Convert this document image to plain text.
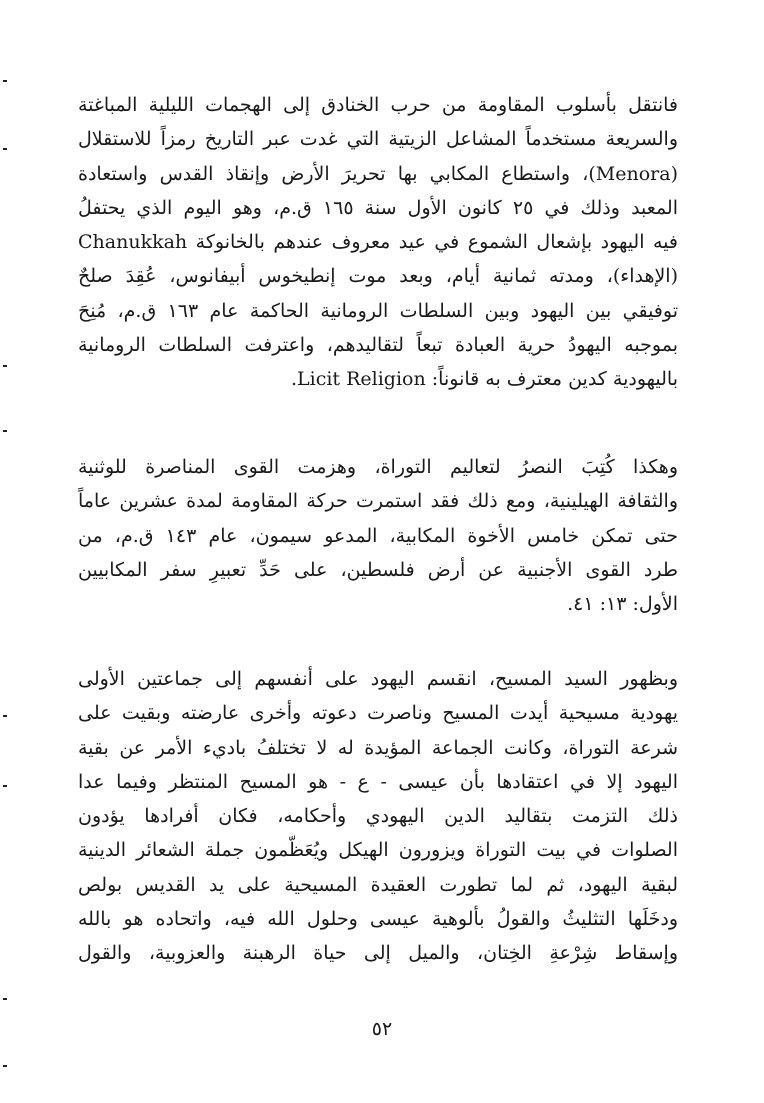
فانتقل بأسلوب المقاومة من حرب الخنادق إلى الهجمات الليلية المباغتة
والسريعة مستخدماً المشاعل الزيتية التي غدت عبر التاريخ رمزاً للاستقلال
(Menora)، واستطاع المكابي بها تحريرَ الأرض وإنقاذ القدس واستعادة
المعبد وذلك في ٢٥ كانون الأول سنة ١٦٥ ق.م، وهو اليوم الذي يحتفلُ
فيه اليهود بإشعال الشموع في عيد معروف عندهم بالخانوكة Chanukkah
(الإهداء)، ومدته ثمانية أيام، وبعد موت إنطيخوس أبيفانوس، عُقِدَ صلحٌ
توفيقي بين اليهود وبين السلطات الرومانية الحاكمة عام ١٦٣ ق.م، مُنِحَ
بموجبه اليهودُ حرية العبادة تبعاً لتقاليدهم، واعترفت السلطات الرومانية
باليهودية كدين معترف به قانوناً: Licit Religion.
وهكذا كُتِبَ النصرُ لتعاليم التوراة، وهزمت القوى المناصرة للوثنية
والثقافة الهيلينية، ومع ذلك فقد استمرت حركة المقاومة لمدة عشرين عاماً
حتى تمكن خامس الأخوة المكابية، المدعو سيمون، عام ١٤٣ ق.م، من
طرد القوى الأجنبية عن أرض فلسطين، على حَدِّ تعبيرِ سفر المكابيين
الأول: ١٣: ٤١.
وبظهور السيد المسيح، انقسم اليهود على أنفسهم إلى جماعتين الأولى
يهودية مسيحية أيدت المسيح وناصرت دعوته وأخرى عارضته وبقيت على
شرعة التوراة، وكانت الجماعة المؤيدة له لا تختلفُ باديء الأمر عن بقية
اليهود إلا في اعتقادها بأن عيسى - ع - هو المسيح المنتظر وفيما عدا
ذلك التزمت بتقاليد الدين اليهودي وأحكامه، فكان أفرادها يؤدون
الصلوات في بيت التوراة ويزورون الهيكل ويُعَظّمون جملة الشعائر الدينية
لبقية اليهود، ثم لما تطورت العقيدة المسيحية على يد القديس بولص
ودخَلَها التثليثُ والقولُ بألوهية عيسى وحلول الله فيه، واتحاده هو بالله
وإسقاط شِرْعةِ الخِتان، والميل إلى حياة الرهبنة والعزوبية، والقول
٥٢
